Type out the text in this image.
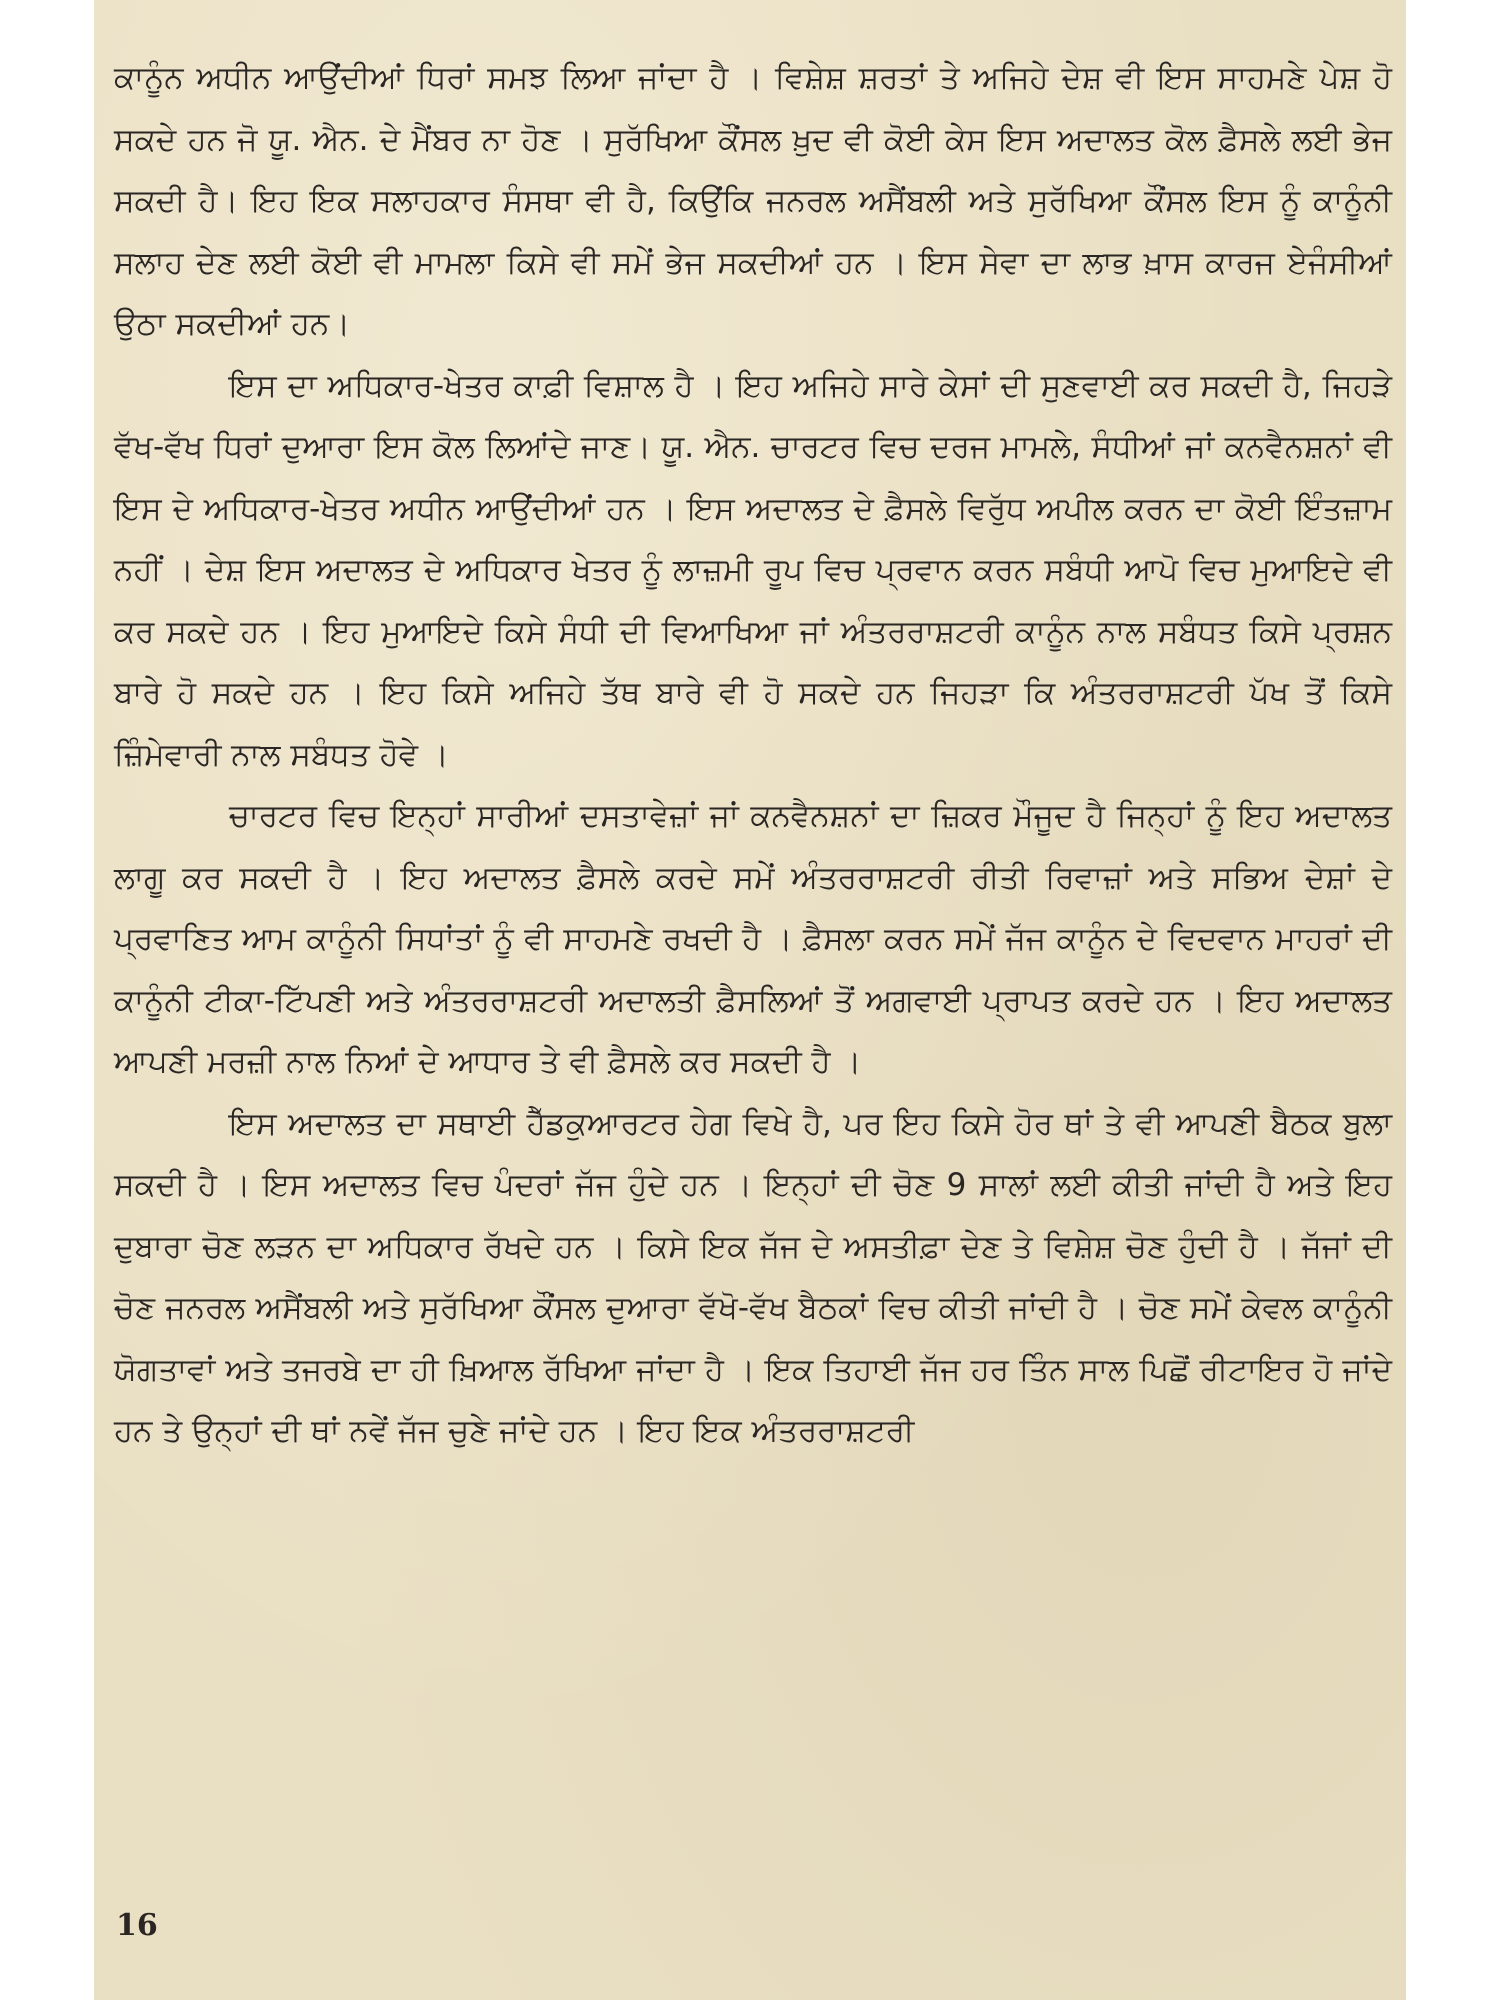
ਕਾਨੂੰਨ ਅਧੀਨ ਆਉਂਦੀਆਂ ਧਿਰਾਂ ਸਮਝ ਲਿਆ ਜਾਂਦਾ ਹੈ । ਵਿਸ਼ੇਸ਼ ਸ਼ਰਤਾਂ ਤੇ ਅਜਿਹੇ ਦੇਸ਼ ਵੀ ਇਸ ਸਾਹਮਣੇ ਪੇਸ਼ ਹੋ ਸਕਦੇ ਹਨ ਜੋ ਯੂ. ਐਨ. ਦੇ ਮੈਂਬਰ ਨਾ ਹੋਣ । ਸੁਰੱਖਿਆ ਕੌਂਸਲ ਖ਼ੁਦ ਵੀ ਕੋਈ ਕੇਸ ਇਸ ਅਦਾਲਤ ਕੋਲ ਫ਼ੈਸਲੇ ਲਈ ਭੇਜ ਸਕਦੀ ਹੈ। ਇਹ ਇਕ ਸਲਾਹਕਾਰ ਸੰਸਥਾ ਵੀ ਹੈ, ਕਿਉਂਕਿ ਜਨਰਲ ਅਸੈਂਬਲੀ ਅਤੇ ਸੁਰੱਖਿਆ ਕੌਂਸਲ ਇਸ ਨੂੰ ਕਾਨੂੰਨੀ ਸਲਾਹ ਦੇਣ ਲਈ ਕੋਈ ਵੀ ਮਾਮਲਾ ਕਿਸੇ ਵੀ ਸਮੇਂ ਭੇਜ ਸਕਦੀਆਂ ਹਨ । ਇਸ ਸੇਵਾ ਦਾ ਲਾਭ ਖ਼ਾਸ ਕਾਰਜ ਏਜੰਸੀਆਂ ਉਠਾ ਸਕਦੀਆਂ ਹਨ।

ਇਸ ਦਾ ਅਧਿਕਾਰ-ਖੇਤਰ ਕਾਫ਼ੀ ਵਿਸ਼ਾਲ ਹੈ । ਇਹ ਅਜਿਹੇ ਸਾਰੇ ਕੇਸਾਂ ਦੀ ਸੁਣਵਾਈ ਕਰ ਸਕਦੀ ਹੈ, ਜਿਹੜੇ ਵੱਖ-ਵੱਖ ਧਿਰਾਂ ਦੁਆਰਾ ਇਸ ਕੋਲ ਲਿਆਂਦੇ ਜਾਣ। ਯੂ. ਐਨ. ਚਾਰਟਰ ਵਿਚ ਦਰਜ ਮਾਮਲੇ, ਸੰਧੀਆਂ ਜਾਂ ਕਨਵੈਨਸ਼ਨਾਂ ਵੀ ਇਸ ਦੇ ਅਧਿਕਾਰ-ਖੇਤਰ ਅਧੀਨ ਆਉਂਦੀਆਂ ਹਨ । ਇਸ ਅਦਾਲਤ ਦੇ ਫ਼ੈਸਲੇ ਵਿਰੁੱਧ ਅਪੀਲ ਕਰਨ ਦਾ ਕੋਈ ਇੰਤਜ਼ਾਮ ਨਹੀਂ । ਦੇਸ਼ ਇਸ ਅਦਾਲਤ ਦੇ ਅਧਿਕਾਰ ਖੇਤਰ ਨੂੰ ਲਾਜ਼ਮੀ ਰੂਪ ਵਿਚ ਪ੍ਰਵਾਨ ਕਰਨ ਸਬੰਧੀ ਆਪੋ ਵਿਚ ਮੁਆਇਦੇ ਵੀ ਕਰ ਸਕਦੇ ਹਨ । ਇਹ ਮੁਆਇਦੇ ਕਿਸੇ ਸੰਧੀ ਦੀ ਵਿਆਖਿਆ ਜਾਂ ਅੰਤਰਰਾਸ਼ਟਰੀ ਕਾਨੂੰਨ ਨਾਲ ਸਬੰਧਤ ਕਿਸੇ ਪ੍ਰਸ਼ਨ ਬਾਰੇ ਹੋ ਸਕਦੇ ਹਨ । ਇਹ ਕਿਸੇ ਅਜਿਹੇ ਤੱਥ ਬਾਰੇ ਵੀ ਹੋ ਸਕਦੇ ਹਨ ਜਿਹੜਾ ਕਿ ਅੰਤਰਰਾਸ਼ਟਰੀ ਪੱਖ ਤੋਂ ਕਿਸੇ ਜ਼ਿੰਮੇਵਾਰੀ ਨਾਲ ਸਬੰਧਤ ਹੋਵੇ ।

ਚਾਰਟਰ ਵਿਚ ਇਨ੍ਹਾਂ ਸਾਰੀਆਂ ਦਸਤਾਵੇਜ਼ਾਂ ਜਾਂ ਕਨਵੈਨਸ਼ਨਾਂ ਦਾ ਜ਼ਿਕਰ ਮੌਜੂਦ ਹੈ ਜਿਨ੍ਹਾਂ ਨੂੰ ਇਹ ਅਦਾਲਤ ਲਾਗੂ ਕਰ ਸਕਦੀ ਹੈ । ਇਹ ਅਦਾਲਤ ਫ਼ੈਸਲੇ ਕਰਦੇ ਸਮੇਂ ਅੰਤਰਰਾਸ਼ਟਰੀ ਰੀਤੀ ਰਿਵਾਜ਼ਾਂ ਅਤੇ ਸਭਿਅ ਦੇਸ਼ਾਂ ਦੇ ਪ੍ਰਵਾਣਿਤ ਆਮ ਕਾਨੂੰਨੀ ਸਿਧਾਂਤਾਂ ਨੂੰ ਵੀ ਸਾਹਮਣੇ ਰਖਦੀ ਹੈ । ਫ਼ੈਸਲਾ ਕਰਨ ਸਮੇਂ ਜੱਜ ਕਾਨੂੰਨ ਦੇ ਵਿਦਵਾਨ ਮਾਹਰਾਂ ਦੀ ਕਾਨੂੰਨੀ ਟੀਕਾ-ਟਿੱਪਣੀ ਅਤੇ ਅੰਤਰਰਾਸ਼ਟਰੀ ਅਦਾਲਤੀ ਫ਼ੈਸਲਿਆਂ ਤੋਂ ਅਗਵਾਈ ਪ੍ਰਾਪਤ ਕਰਦੇ ਹਨ । ਇਹ ਅਦਾਲਤ ਆਪਣੀ ਮਰਜ਼ੀ ਨਾਲ ਨਿਆਂ ਦੇ ਆਧਾਰ ਤੇ ਵੀ ਫ਼ੈਸਲੇ ਕਰ ਸਕਦੀ ਹੈ ।

ਇਸ ਅਦਾਲਤ ਦਾ ਸਥਾਈ ਹੈੱਡਕੁਆਰਟਰ ਹੇਗ ਵਿਖੇ ਹੈ, ਪਰ ਇਹ ਕਿਸੇ ਹੋਰ ਥਾਂ ਤੇ ਵੀ ਆਪਣੀ ਬੈਠਕ ਬੁਲਾ ਸਕਦੀ ਹੈ । ਇਸ ਅਦਾਲਤ ਵਿਚ ਪੰਦਰਾਂ ਜੱਜ ਹੁੰਦੇ ਹਨ । ਇਨ੍ਹਾਂ ਦੀ ਚੋਣ 9 ਸਾਲਾਂ ਲਈ ਕੀਤੀ ਜਾਂਦੀ ਹੈ ਅਤੇ ਇਹ ਦੁਬਾਰਾ ਚੋਣ ਲੜਨ ਦਾ ਅਧਿਕਾਰ ਰੱਖਦੇ ਹਨ । ਕਿਸੇ ਇਕ ਜੱਜ ਦੇ ਅਸਤੀਫ਼ਾ ਦੇਣ ਤੇ ਵਿਸ਼ੇਸ਼ ਚੋਣ ਹੁੰਦੀ ਹੈ । ਜੱਜਾਂ ਦੀ ਚੋਣ ਜਨਰਲ ਅਸੈਂਬਲੀ ਅਤੇ ਸੁਰੱਖਿਆ ਕੌਂਸਲ ਦੁਆਰਾ ਵੱਖੋ-ਵੱਖ ਬੈਠਕਾਂ ਵਿਚ ਕੀਤੀ ਜਾਂਦੀ ਹੈ । ਚੋਣ ਸਮੇਂ ਕੇਵਲ ਕਾਨੂੰਨੀ ਯੋਗਤਾਵਾਂ ਅਤੇ ਤਜਰਬੇ ਦਾ ਹੀ ਖ਼ਿਆਲ ਰੱਖਿਆ ਜਾਂਦਾ ਹੈ । ਇਕ ਤਿਹਾਈ ਜੱਜ ਹਰ ਤਿੰਨ ਸਾਲ ਪਿਛੋਂ ਰੀਟਾਇਰ ਹੋ ਜਾਂਦੇ ਹਨ ਤੇ ਉਨ੍ਹਾਂ ਦੀ ਥਾਂ ਨਵੇਂ ਜੱਜ ਚੁਣੇ ਜਾਂਦੇ ਹਨ । ਇਹ ਇਕ ਅੰਤਰਰਾਸ਼ਟਰੀ

16
